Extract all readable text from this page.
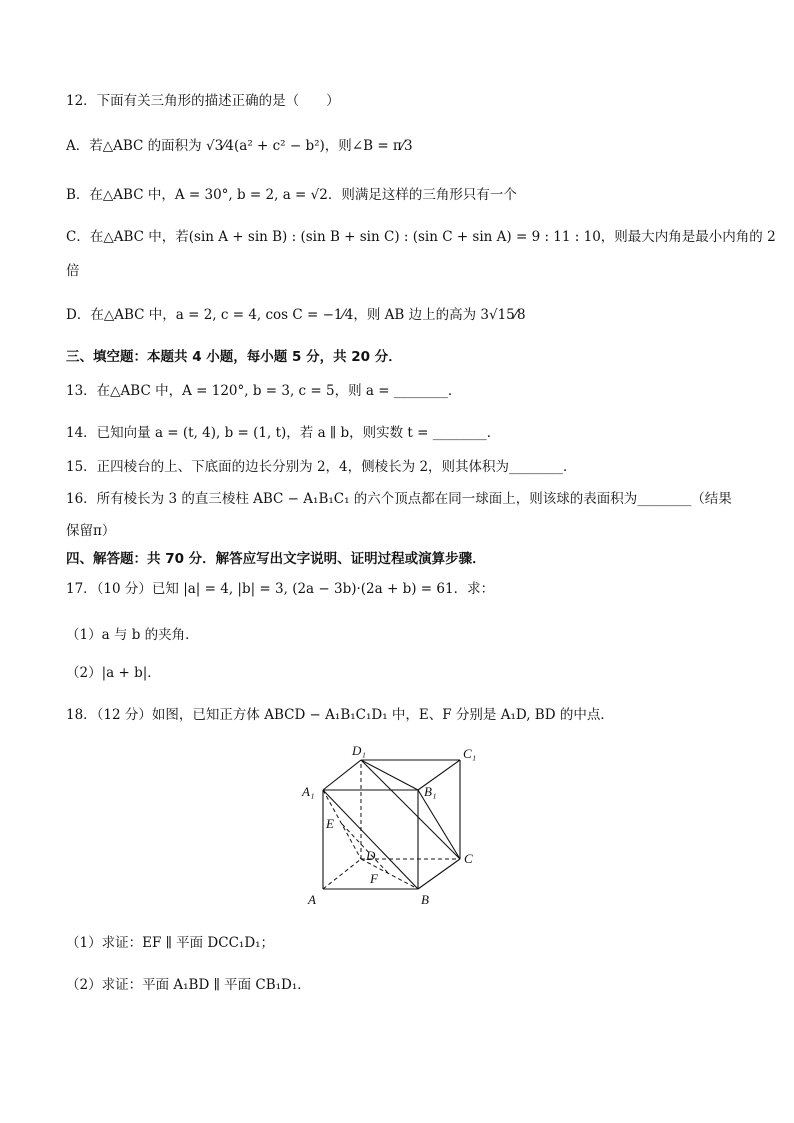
12．下面有关三角形的描述正确的是（　　）
A．若△ABC 的面积为 √3⁄4(a² + c² − b²)，则∠B = π⁄3
B．在△ABC 中，A = 30°, b = 2, a = √2．则满足这样的三角形只有一个
C．在△ABC 中，若(sin A + sin B) : (sin B + sin C) : (sin C + sin A) = 9 : 11 : 10，则最大内角是最小内角的 2
倍
D．在△ABC 中，a = 2, c = 4, cos C = −1⁄4，则 AB 边上的高为 3√15⁄8
三、填空题：本题共 4 小题，每小题 5 分，共 20 分．
13．在△ABC 中，A = 120°, b = 3, c = 5，则 a = ________．
14．已知向量 a = (t, 4), b = (1, t)，若 a ∥ b，则实数 t = ________．
15．正四棱台的上、下底面的边长分别为 2，4，侧棱长为 2，则其体积为________．
16．所有棱长为 3 的直三棱柱 ABC − A₁B₁C₁ 的六个顶点都在同一球面上，则该球的表面积为________（结果
保留π）
四、解答题：共 70 分．解答应写出文字说明、证明过程或演算步骤．
17．（10 分）已知 |a| = 4, |b| = 3, (2a − 3b)·(2a + b) = 61．求：
（1）a 与 b 的夹角．
（2）|a + b|．
18．（12 分）如图，已知正方体 ABCD − A₁B₁C₁D₁ 中，E、F 分别是 A₁D, BD 的中点．
D₁	C₁
A₁	B₁
E
D	C
F
A	B
（1）求证：EF ∥ 平面 DCC₁D₁；
（2）求证：平面 A₁BD ∥ 平面 CB₁D₁．
